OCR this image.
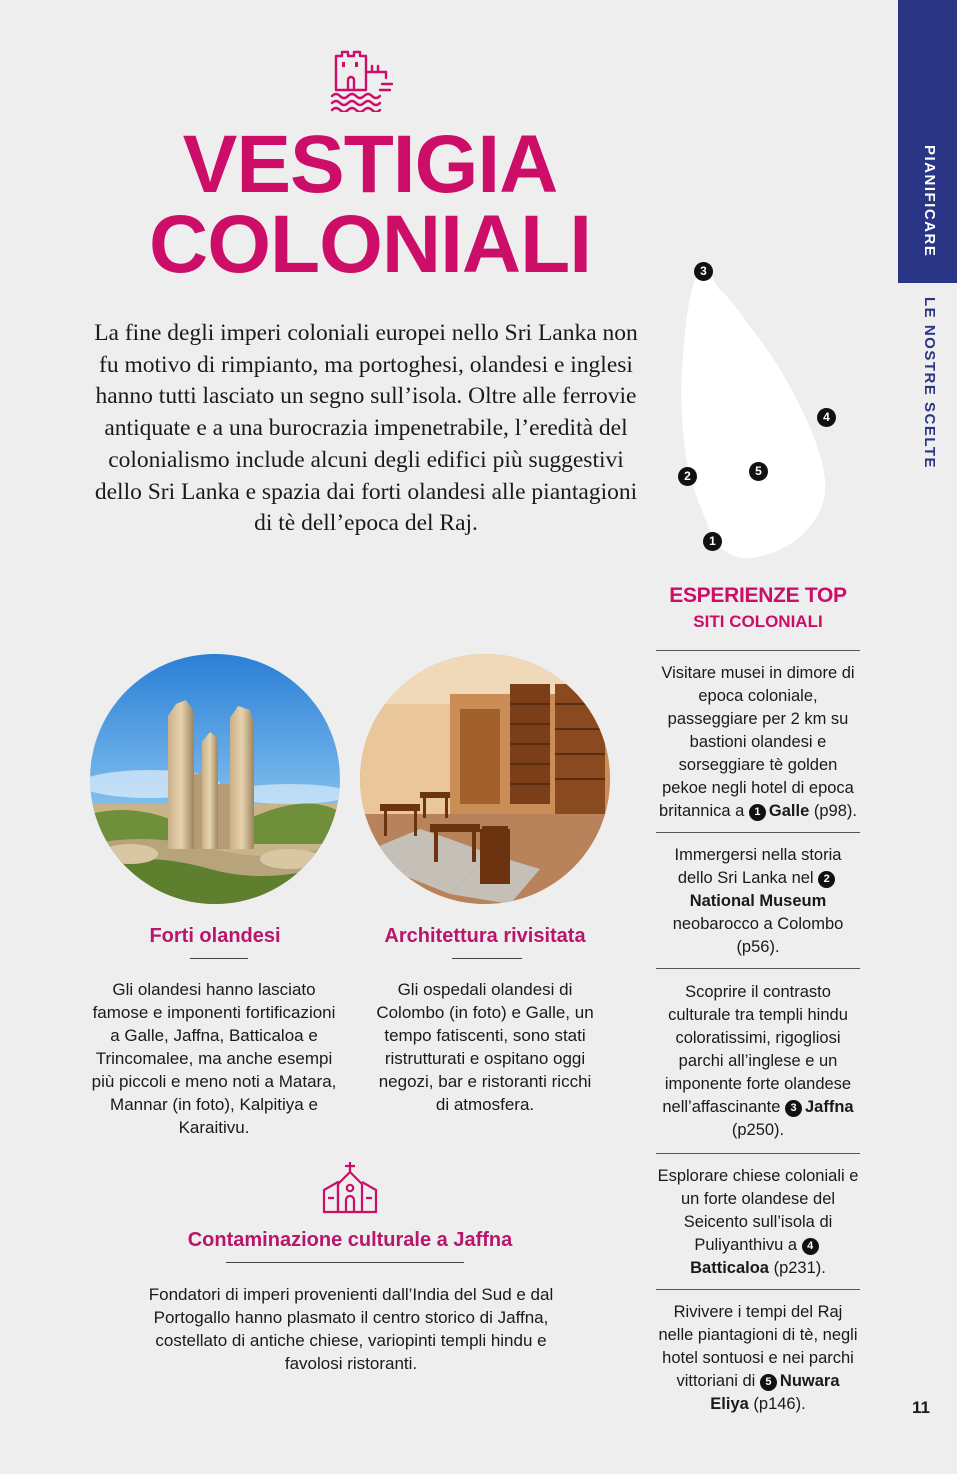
PIANIFICARE
LE NOSTRE SCELTE
VESTIGIA
COLONIALI

La fine degli imperi coloniali europei nello Sri Lanka non fu motivo di rimpianto, ma portoghesi, olandesi e inglesi hanno tutti lasciato un segno sull’isola. Oltre alle ferrovie antiquate e a una burocrazia impenetrabile, l’eredità del colonialismo include alcuni degli edifici più suggestivi dello Sri Lanka e spazia dai forti olandesi alle piantagioni di tè dell’epoca del Raj.

Forti olandesi

Gli olandesi hanno lasciato famose e imponenti fortificazioni a Galle, Jaffna, Batticaloa e Trincomalee, ma anche esempi più piccoli e meno noti a Matara, Mannar (in foto), Kalpitiya e Karaitivu.

Architettura rivisitata

Gli ospedali olandesi di Colombo (in foto) e Galle, un tempo fatiscenti, sono stati ristrutturati e ospitano oggi negozi, bar e ristoranti ricchi di atmosfera.

Contaminazione culturale a Jaffna

Fondatori di imperi provenienti dall’India del Sud e dal Portogallo hanno plasmato il centro storico di Jaffna, costellato di antiche chiese, variopinti templi hindu e favolosi ristoranti.

3
4
2	5
1
ESPERIENZE TOP
SITI COLONIALI
Visitare musei in dimore di epoca coloniale, passeggiare per 2 km su bastioni olandesi e sorseggiare tè golden pekoe negli hotel di epoca britannica a 1 Galle (p98).
Immergersi nella storia dello Sri Lanka nel 2National Museum neobarocco a Colombo (p56).
Scoprire il contrasto culturale tra templi hindu coloratissimi, rigogliosi parchi all’inglese e un imponente forte olandese nell’affascinante 3 Jaffna (p250).
Esplorare chiese coloniali e un forte olandese del Seicento sull’isola di Puliyanthivu a 4Batticaloa (p231).
Rivivere i tempi del Raj nelle piantagioni di tè, negli hotel sontuosi e nei parchi vittoriani di 5 Nuwara Eliya (p146).	11
